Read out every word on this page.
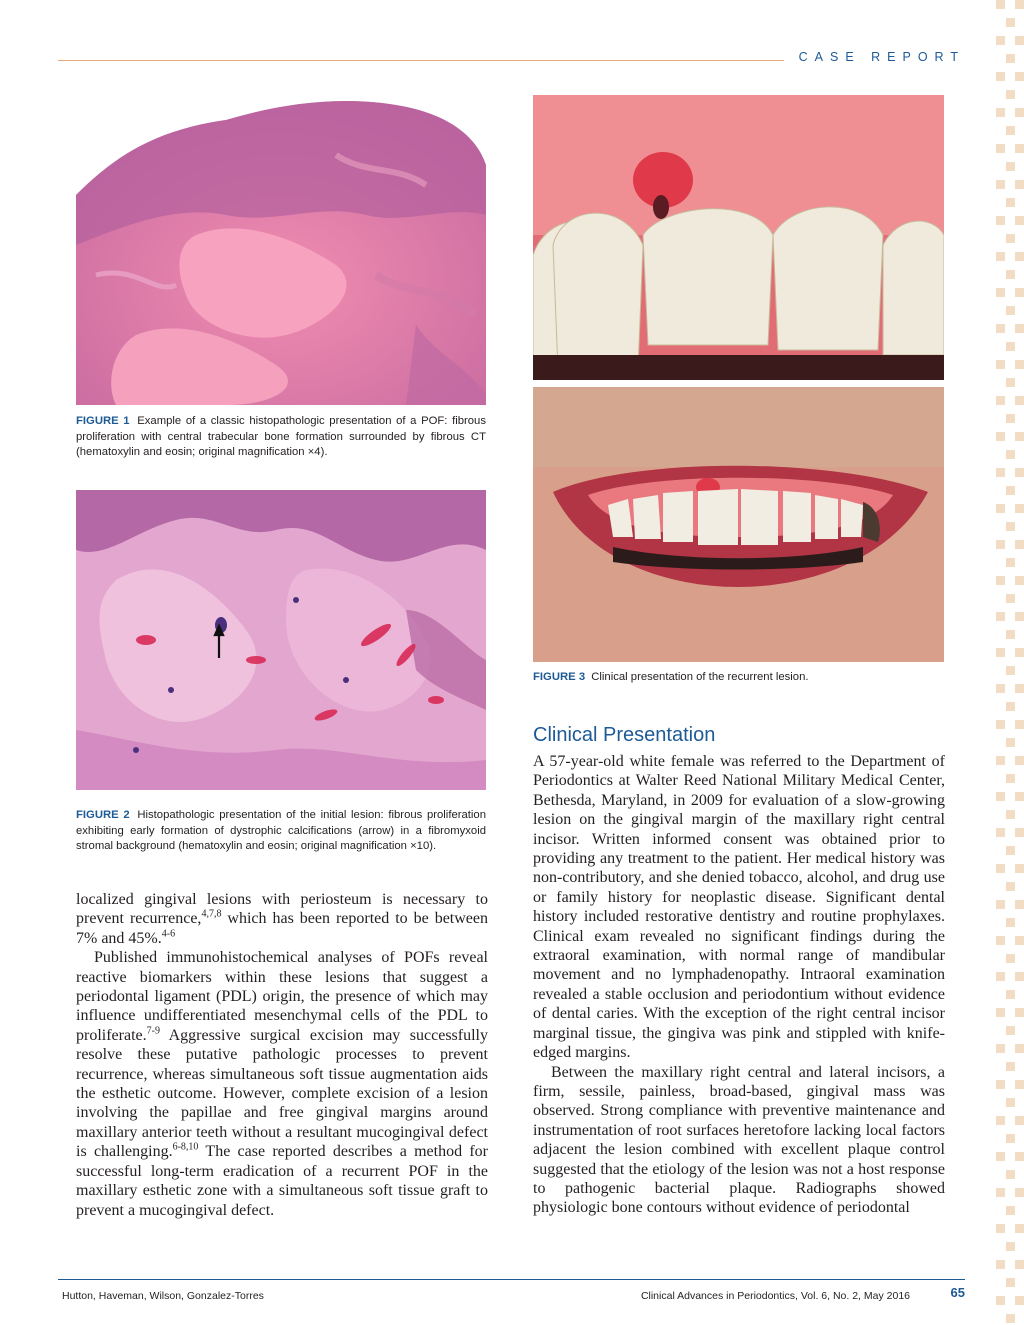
CASE REPORT
FIGURE 1 Example of a classic histopathologic presentation of a POF: fibrous proliferation with central trabecular bone formation surrounded by fibrous CT (hematoxylin and eosin; original magnification ×4).
FIGURE 2 Histopathologic presentation of the initial lesion: fibrous proliferation exhibiting early formation of dystrophic calcifications (arrow) in a fibromyxoid stromal background (hematoxylin and eosin; original magnification ×10).
FIGURE 3 Clinical presentation of the recurrent lesion.

localized gingival lesions with periosteum is necessary to prevent recurrence,$^{4,7,8}$ which has been reported to be between 7% and 45%.$^{4-6}$

Published immunohistochemical analyses of POFs reveal reactive biomarkers within these lesions that suggest a periodontal ligament (PDL) origin, the presence of which may influence undifferentiated mesenchymal cells of the PDL to proliferate.$^{7-9}$ Aggressive surgical excision may successfully resolve these putative pathologic processes to prevent recurrence, whereas simultaneous soft tissue augmentation aids the esthetic outcome. However, complete excision of a lesion involving the papillae and free gingival margins around maxillary anterior teeth without a resultant mucogingival defect is challenging.$^{6-8,10}$ The case reported describes a method for successful long-term eradication of a recurrent POF in the maxillary esthetic zone with a simultaneous soft tissue graft to prevent a mucogingival defect.

Clinical Presentation

A 57-year-old white female was referred to the Department of Periodontics at Walter Reed National Military Medical Center, Bethesda, Maryland, in 2009 for evaluation of a slow-growing lesion on the gingival margin of the maxillary right central incisor. Written informed consent was obtained prior to providing any treatment to the patient. Her medical history was non-contributory, and she denied tobacco, alcohol, and drug use or family history for neoplastic disease. Significant dental history included restorative dentistry and routine prophylaxes. Clinical exam revealed no significant findings during the extraoral examination, with normal range of mandibular movement and no lymphadenopathy. Intraoral examination revealed a stable occlusion and periodontium without evidence of dental caries. With the exception of the right central incisor marginal tissue, the gingiva was pink and stippled with knife-edged margins.

Between the maxillary right central and lateral incisors, a firm, sessile, painless, broad-based, gingival mass was observed. Strong compliance with preventive maintenance and instrumentation of root surfaces heretofore lacking local factors adjacent the lesion combined with excellent plaque control suggested that the etiology of the lesion was not a host response to pathogenic bacterial plaque. Radiographs showed physiologic bone contours without evidence of periodontal

Hutton, Haveman, Wilson, Gonzalez-Torres	Clinical Advances in Periodontics, Vol. 6, No. 2, May 2016	65
